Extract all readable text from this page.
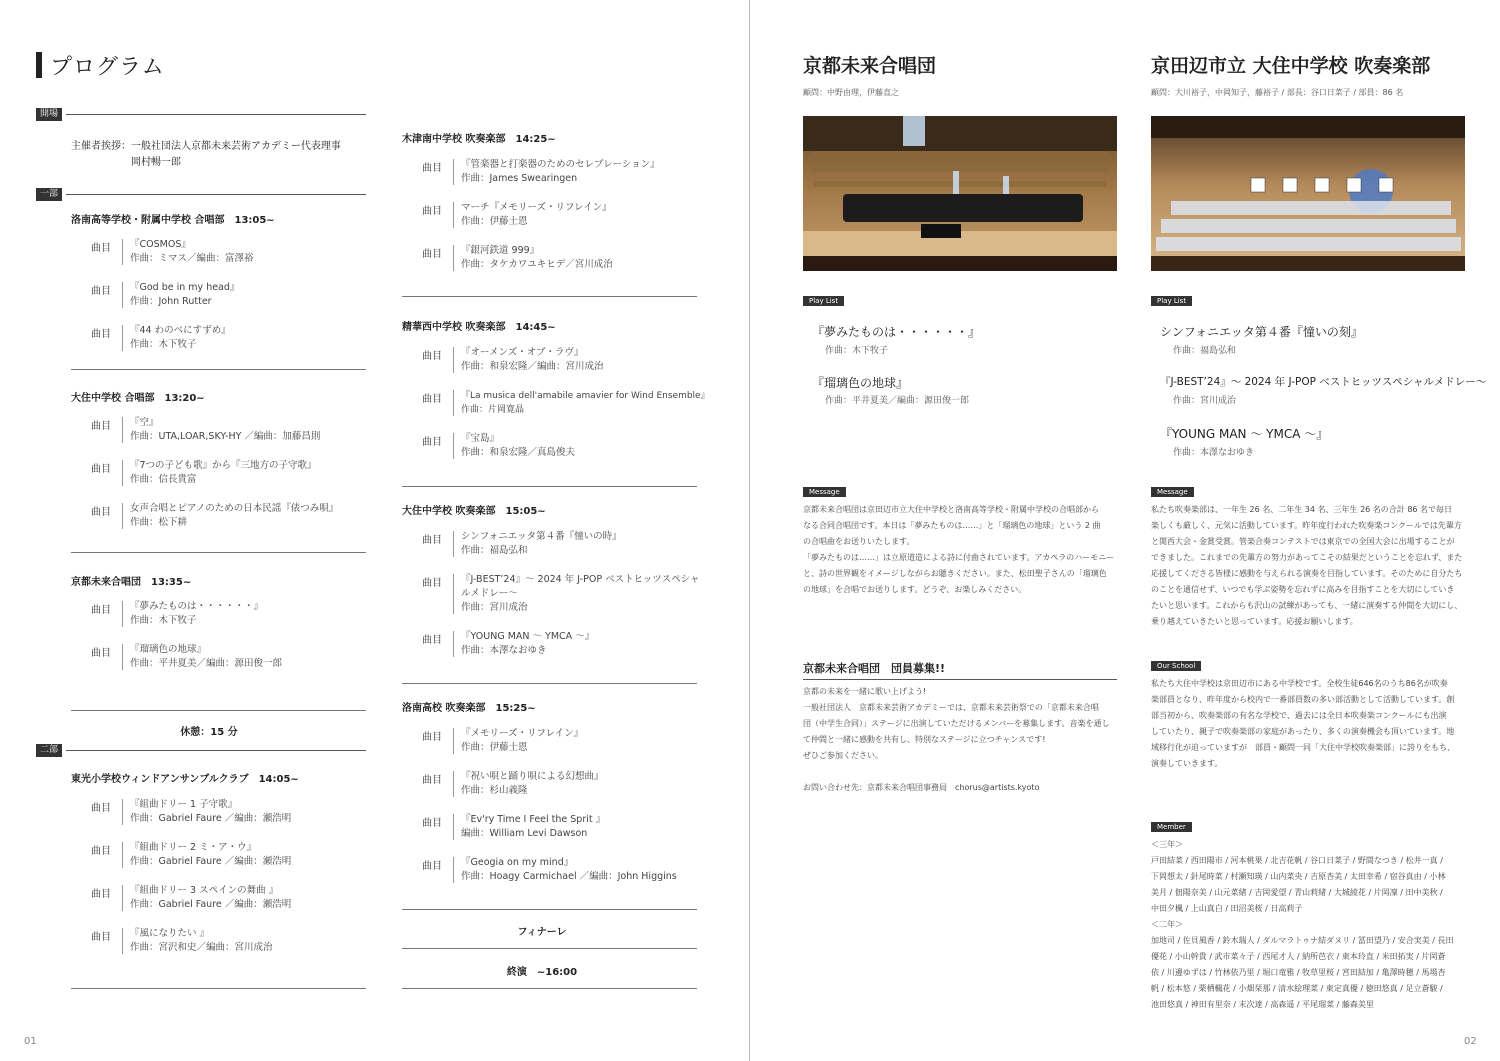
プログラム
開場
主催者挨拶：一般社団法人京都未来芸術アカデミー代表理事
岡村暢一郎
一部
洛南高等学校・附属中学校 合唱部　13:05~
曲目 『COSMOS』
作曲：ミマス／編曲：富澤裕
曲目 『God be in my head』
作曲：John Rutter
曲目 『44 わのべにすずめ』
作曲：木下牧子
大住中学校 合唱部　13:20~
曲目 『空』
作曲：UTA,LOAR,SKY-HY ／編曲：加藤昌則
曲目 『7つの子ども歌』から『三地方の子守歌』
作曲：信長貴富
曲目 女声合唱とピアノのための日本民謡『俵つみ唄』
作曲：松下耕
京都未来合唱団　13:35~
曲目 『夢みたものは・・・・・・』
作曲：木下牧子
曲目 『瑠璃色の地球』
作曲：平井夏美／編曲：源田俊一郎
休憩：15 分
二部
東光小学校ウィンドアンサンブルクラブ　14:05~
曲目 『組曲ドリー 1 子守歌』
作曲：Gabriel Faure ／編曲：瀬浩明
曲目 『組曲ドリー 2 ミ・ア・ウ』
作曲：Gabriel Faure ／編曲：瀬浩明
曲目 『組曲ドリー 3 スペインの舞曲 』
作曲：Gabriel Faure ／編曲：瀬浩明
曲目 『風になりたい 』
作曲：宮沢和史／編曲：宮川成治
木津南中学校 吹奏楽部　14:25~
曲目 『管楽器と打楽器のためのセレブレーション』
作曲：James Swearingen
曲目 マーチ『メモリーズ・リフレイン』
作曲：伊藤士恩
曲目 『銀河鉄道 999』
作曲：タケカワユキヒデ／宮川成治
精華西中学校 吹奏楽部　14:45~
曲目 『オーメンズ・オブ・ラヴ』
作曲：和泉宏隆／編曲：宮川成治
曲目 『La musica dell'amabile amavier for Wind Ensemble』
作曲：片岡寛晶
曲目 『宝島』
作曲：和泉宏隆／真島俊夫
大住中学校 吹奏楽部　15:05~
曲目 シンフォニエッタ第４番『憧いの時』
作曲：福島弘和
曲目 『J-BEST’24』～ 2024 年 J-POP ベストヒッツスペシャ
ルメドレー～
作曲：宮川成治
曲目 『YOUNG MAN ～ YMCA ～』
作曲：本澤なおゆき
洛南高校 吹奏楽部　15:25~
曲目 『メモリーズ・リフレイン』
作曲：伊藤士恩
曲目 『祝い唄と踊り唄による幻想曲』
作曲：杉山義隆
曲目 『Ev'ry Time I Feel the Sprit 』
編曲：William Levi Dawson
曲目 『Geogia on my mind』
作曲：Hoagy Carmichael ／編曲：John Higgins
フィナーレ
終演　~16:00
01
京都未来合唱団
顧問：中野由理，伊藤直之
Play List
『夢みたものは・・・・・・』
作曲：木下牧子
『瑠璃色の地球』
作曲：平井夏美／編曲：源田俊一郎
Message
京都未来合唱団は京田辺市立大住中学校と洛南高等学校・附属中学校の合唱部から
なる合同合唱団です。本日は「夢みたものは……」と「瑠璃色の地球」という 2 曲
の合唱曲をお送りいたします。
「夢みたものは……」は立原道造による詩に付曲されています。アカペラのハーモニー
と、詩の世界観をイメージしながらお聴きください。また、松田聖子さんの「瑠璃色
の地球」を合唱でお送りします。どうぞ、お楽しみください。
京都未来合唱団　団員募集!!
京都の未来を一緒に歌い上げよう!
一般社団法人　京都未来芸術アカデミーでは、京都未来芸術祭での「京都未来合唱
団（中学生合同）」ステージに出演していただけるメンバーを募集します。音楽を通し
て仲間と一緒に感動を共有し、特別なステージに立つチャンスです!
ぜひご参加ください。
お問い合わせ先：京都未来合唱団事務局　chorus@artists.kyoto
京田辺市立 大住中学校 吹奏楽部
顧問：大川裕子，中岡知子，藤裕子 / 部長：谷口日菜子 / 部員：86 名
Play List
シンフォニエッタ第４番『憧いの刻』
作曲：福島弘和
『J-BEST’24』～ 2024 年 J-POP ベストヒッツスペシャルメドレー～
作曲：宮川成治
『YOUNG MAN ～ YMCA ～』
作曲：本澤なおゆき
Message
私たち吹奏楽部は、一年生 26 名、二年生 34 名、三年生 26 名の合計 86 名で毎日
楽しくも厳しく、元気に活動しています。昨年度行われた吹奏楽コンクールでは先輩方
と関西大会・金賞受賞。管楽合奏コンテストでは東京での全国大会に出場することが
できました。これまでの先輩方の努力があってこその結果だということを忘れず、また
応援してくださる皆様に感動を与えられる演奏を目指しています。そのために自分たち
のことを通信せず、いつでも学ぶ姿勢を忘れずに高みを目指すことを大切にしていき
たいと思います。これからも沢山の試練があっても、一緒に演奏する仲間を大切にし、
乗り越えていきたいと思っています。応援お願いします。
Our School
私たち大住中学校は京田辺市にある中学校です。全校生徒646名のうち86名が吹奏
楽部員となり、昨年度から校内で一番部員数の多い部活動として活動しています。創
部当初から、吹奏楽部の有名な学校で、過去には全日本吹奏楽コンクールにも出演
していたり、親子で吹奏楽部の家庭があったり、多くの演奏機会も頂いています。地
域移行化が迫っていますが　部員・顧問一同「大住中学校吹奏楽部」に誇りをもち、
演奏していきます。
Member
＜三年＞
戸田結菜 / 西田陽市 / 河本桃果 / 北吉花帆 / 谷口日菜子 / 野間なつき / 松井一真 /
下岡想太 / 針尾時菜 / 村瀬知瑛 / 山内菜央 / 吉原杏美 / 太田幸希 / 宿谷真由 / 小林
美月 / 佃陽奈美 / 山元菜緒 / 吉岡愛望 / 青山莉緒 / 大城綾花 / 片岡凜 / 田中美秋 /
中田夕楓 / 上山真白 / 田沼美桜 / 日高莉子
＜二年＞
加地司 / 佐貝風香 / 鈴木瑞人 / ダルマラトゥナ結ダヌリ / 冨田望乃 / 安合実美 / 長田
優花 / 小山幹貴 / 武市菜々子 / 西尾才人 / 納所芭衣 / 東本玲直 / 米田拓実 / 片岡蒼
依 / 川邊ゆずは / 竹林依乃里 / 堀口竜雅 / 牧草里桜 / 宮田結加 / 亀澤時穂 / 馬場杏
帆 / 松本悠 / 栗栖楓花 / 小畑栞那 / 清水絵理菜 / 東定真優 / 徳田悠真 / 足立蒼駿 /
池田悠真 / 神田有里奈 / 末次達 / 高森遥 / 平尾瑠菜 / 藤森美里
02
